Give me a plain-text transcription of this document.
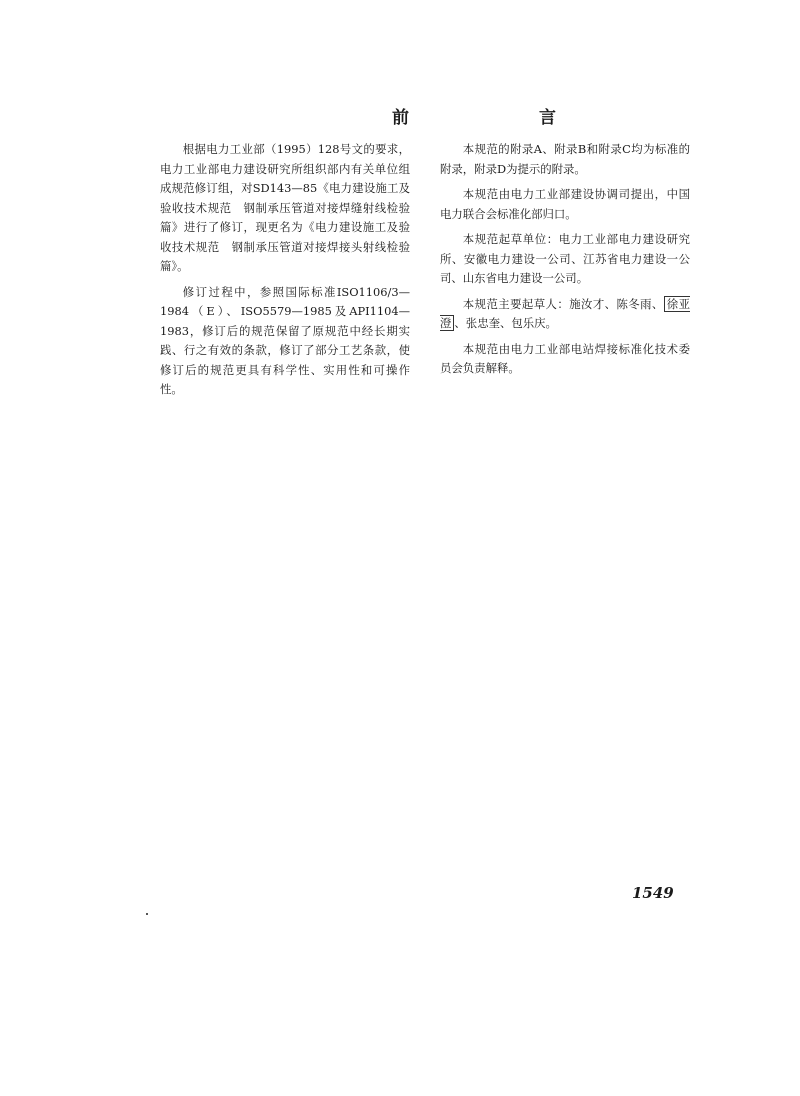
前　　言

根据电力工业部（1995）128号文的要求，电力工业部电力建设研究所组织部内有关单位组成规范修订组，对SD143—85《电力建设施工及验收技术规范　钢制承压管道对接焊缝射线检验篇》进行了修订，现更名为《电力建设施工及验收技术规范　钢制承压管道对接焊接头射线检验篇》。

修订过程中，参照国际标准ISO1106/3—1984（E）、ISO5579—1985及API1104—1983，修订后的规范保留了原规范中经长期实践、行之有效的条款，修订了部分工艺条款，使修订后的规范更具有科学性、实用性和可操作性。

本规范的附录A、附录B和附录C均为标准的附录，附录D为提示的附录。

本规范由电力工业部建设协调司提出，中国电力联合会标准化部归口。

本规范起草单位：电力工业部电力建设研究所、安徽电力建设一公司、江苏省电力建设一公司、山东省电力建设一公司。

本规范主要起草人：施汝才、陈冬雨、 徐亚澄 、张忠奎、包乐庆。

本规范由电力工业部电站焊接标准化技术委员会负责解释。

1549
